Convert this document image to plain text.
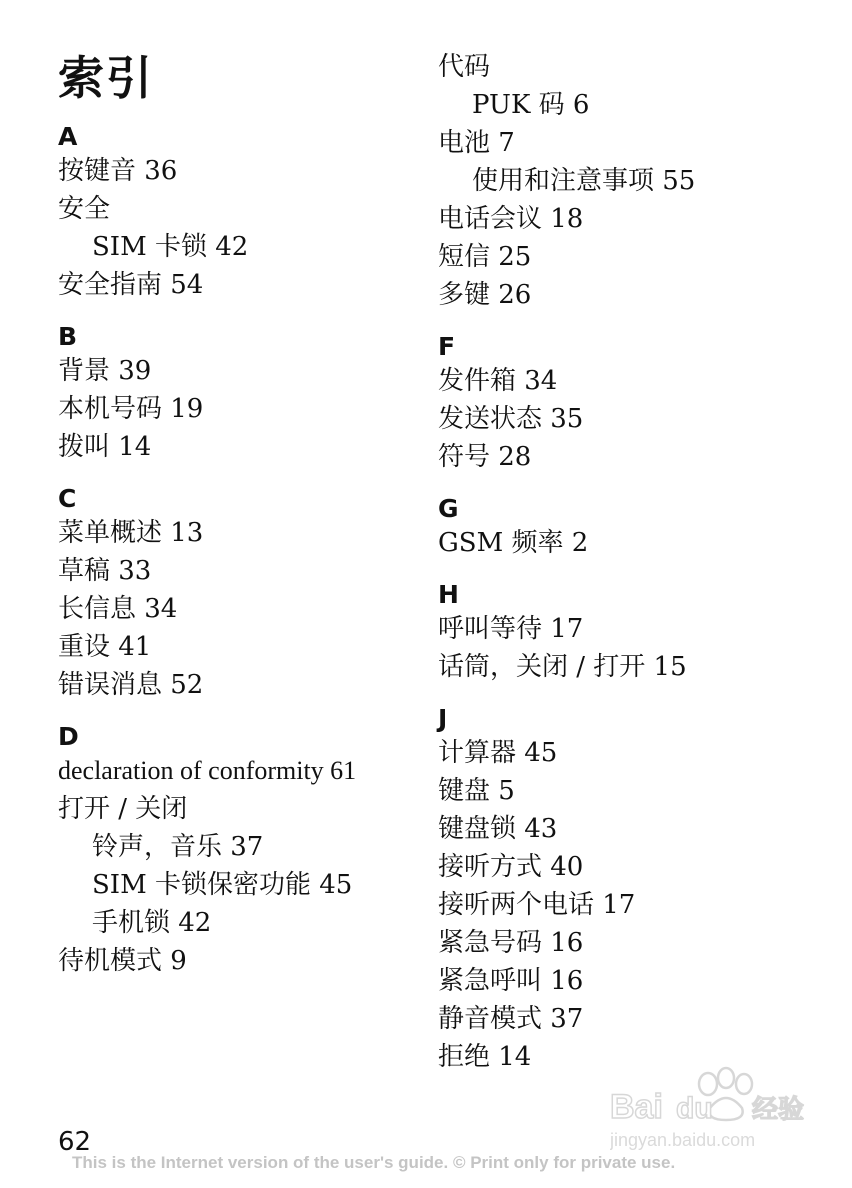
索引
A
按键音 36
安全
SIM 卡锁 42
安全指南 54
B
背景 39
本机号码 19
拨叫 14
C
菜单概述 13
草稿 33
长信息 34
重设 41
错误消息 52
D
declaration of conformity 61
打开 / 关闭
铃声，音乐 37
SIM 卡锁保密功能 45
手机锁 42
待机模式 9
代码
PUK 码 6
电池 7
使用和注意事项 55
电话会议 18
短信 25
多键 26
F
发件箱 34
发送状态 35
符号 28
G
GSM 频率 2
H
呼叫等待 17
话筒，关闭 / 打开 15
J
计算器 45
键盘 5
键盘锁 43
接听方式 40
接听两个电话 17
紧急号码 16
紧急呼叫 16
静音模式 37
拒绝 14
Bai du 经验
jingyan.baidu.com
62
This is the Internet version of the user's guide. © Print only for private use.
